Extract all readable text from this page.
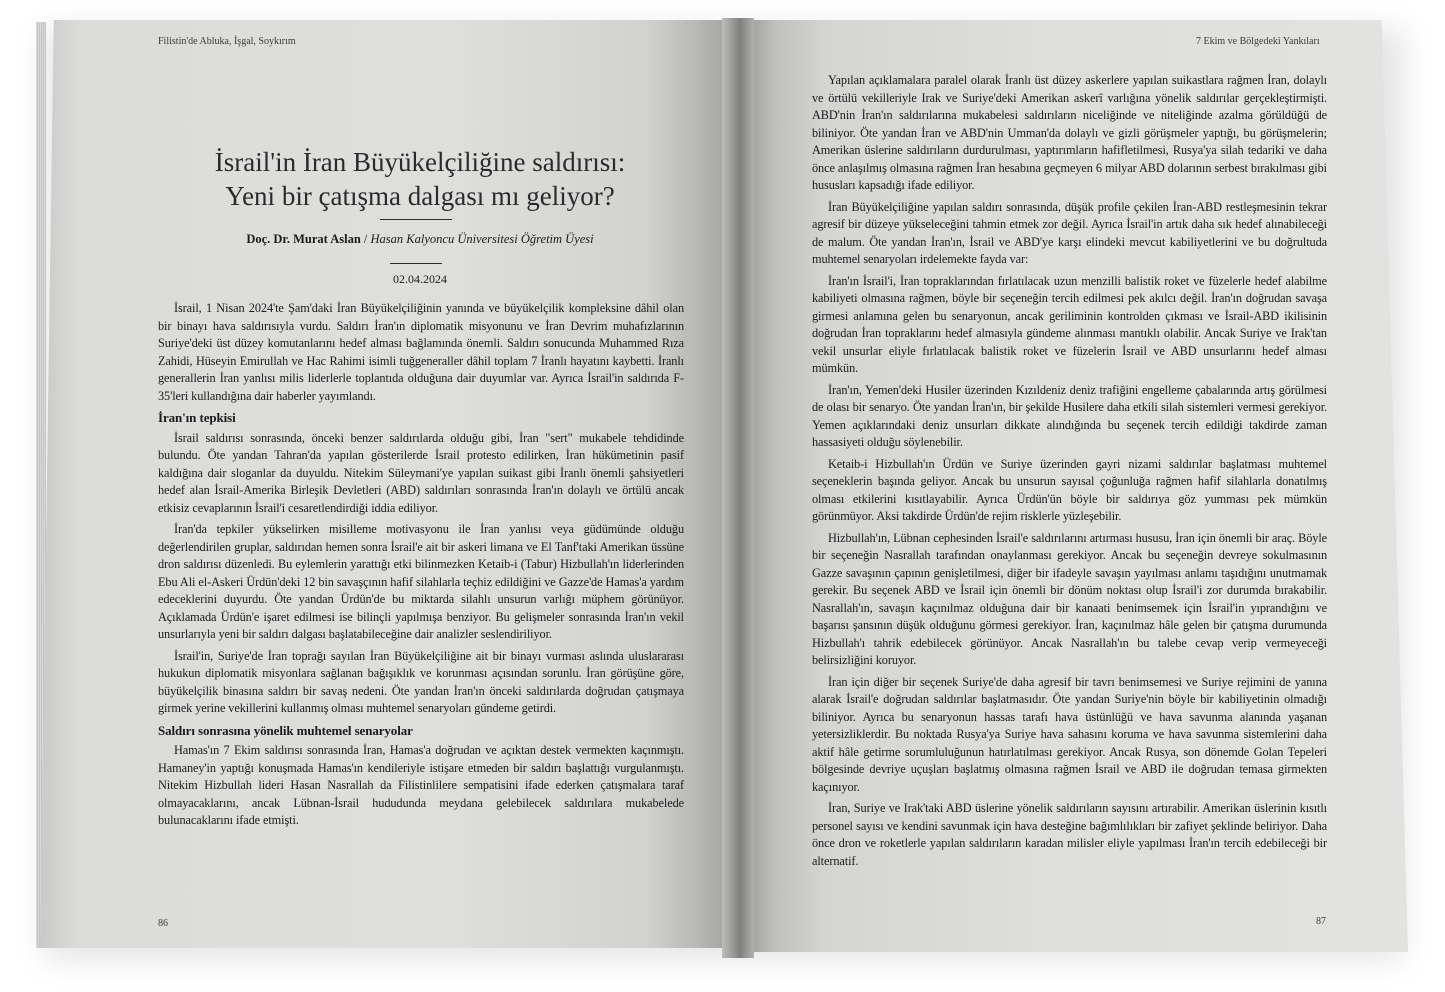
Filistin'de Abluka, İşgal, Soykırım
86
İsrail'in İran Büyükelçiliğine saldırısı:
Yeni bir çatışma dalgası mı geliyor?
Doç. Dr. Murat Aslan / Hasan Kalyoncu Üniversitesi Öğretim Üyesi
02.04.2024

İsrail, 1 Nisan 2024'te Şam'daki İran Büyükelçiliğinin yanında ve büyükelçilik kompleksine dâhil olan bir binayı hava saldırısıyla vurdu. Saldırı İran'ın diplomatik misyonunu ve İran Devrim muhafızlarının Suriye'deki üst düzey komutanlarını hedef alması bağlamında önemli. Saldırı sonucunda Muhammed Rıza Zahidi, Hüseyin Emirullah ve Hac Rahimi isimli tuğgeneraller dâhil toplam 7 İranlı hayatını kaybetti. İranlı generallerin İran yanlısı milis liderlerle toplantıda olduğuna dair duyumlar var. Ayrıca İsrail'in saldırıda F-35'leri kullandığına dair haberler yayımlandı.

İran'ın tepkisi

İsrail saldırısı sonrasında, önceki benzer saldırılarda olduğu gibi, İran "sert" mukabele tehdidinde bulundu. Öte yandan Tahran'da yapılan gösterilerde İsrail protesto edilirken, İran hükümetinin pasif kaldığına dair sloganlar da duyuldu. Nitekim Süleymani'ye yapılan suikast gibi İranlı önemli şahsiyetleri hedef alan İsrail-Amerika Birleşik Devletleri (ABD) saldırıları sonrasında İran'ın dolaylı ve örtülü ancak etkisiz cevaplarının İsrail'i cesaretlendirdiği iddia ediliyor.

İran'da tepkiler yükselirken misilleme motivasyonu ile İran yanlısı veya güdümünde olduğu değerlendirilen gruplar, saldırıdan hemen sonra İsrail'e ait bir askeri limana ve El Tanf'taki Amerikan üssüne dron saldırısı düzenledi. Bu eylemlerin yarattığı etki bilinmezken Ketaib-i (Tabur) Hizbullah'ın liderlerinden Ebu Ali el-Askeri Ürdün'deki 12 bin savaşçının hafif silahlarla teçhiz edildiğini ve Gazze'de Hamas'a yardım edeceklerini duyurdu. Öte yandan Ürdün'de bu miktarda silahlı unsurun varlığı müphem görünüyor. Açıklamada Ürdün'e işaret edilmesi ise bilinçli yapılmışa benziyor. Bu gelişmeler sonrasında İran'ın vekil unsurlarıyla yeni bir saldırı dalgası başlatabileceğine dair analizler seslendiriliyor.

İsrail'in, Suriye'de İran toprağı sayılan İran Büyükelçiliğine ait bir binayı vurması aslında uluslararası hukukun diplomatik misyonlara sağlanan bağışıklık ve korunması açısından sorunlu. İran görüşüne göre, büyükelçilik binasına saldırı bir savaş nedeni. Öte yandan İran'ın önceki saldırılarda doğrudan çatışmaya girmek yerine vekillerini kullanmış olması muhtemel senaryoları gündeme getirdi.

Saldırı sonrasına yönelik muhtemel senaryolar

Hamas'ın 7 Ekim saldırısı sonrasında İran, Hamas'a doğrudan ve açıktan destek vermekten kaçınmıştı. Hamaney'in yaptığı konuşmada Hamas'ın kendileriyle istişare etmeden bir saldırı başlattığı vurgulanmıştı. Nitekim Hizbullah lideri Hasan Nasrallah da Filistinlilere sempatisini ifade ederken çatışmalara taraf olmayacaklarını, ancak Lübnan-İsrail hududunda meydana gelebilecek saldırılara mukabelede bulunacaklarını ifade etmişti.

7 Ekim ve Bölgedeki Yankıları
87

Yapılan açıklamalara paralel olarak İranlı üst düzey askerlere yapılan suikastlara rağmen İran, dolaylı ve örtülü vekilleriyle Irak ve Suriye'deki Amerikan askerî varlığına yönelik saldırılar gerçekleştirmişti. ABD'nin İran'ın saldırılarına mukabelesi saldırıların niceliğinde ve niteliğinde azalma görüldüğü de biliniyor. Öte yandan İran ve ABD'nin Umman'da dolaylı ve gizli görüşmeler yaptığı, bu görüşmelerin; Amerikan üslerine saldırıların durdurulması, yaptırımların hafifletilmesi, Rusya'ya silah tedariki ve daha önce anlaşılmış olmasına rağmen İran hesabına geçmeyen 6 milyar ABD dolarının serbest bırakılması gibi hususları kapsadığı ifade ediliyor.

İran Büyükelçiliğine yapılan saldırı sonrasında, düşük profile çekilen İran-ABD restleşmesinin tekrar agresif bir düzeye yükseleceğini tahmin etmek zor değil. Ayrıca İsrail'in artık daha sık hedef alınabileceği de malum. Öte yandan İran'ın, İsrail ve ABD'ye karşı elindeki mevcut kabiliyetlerini ve bu doğrultuda muhtemel senaryoları irdelemekte fayda var:

İran'ın İsrail'i, İran topraklarından fırlatılacak uzun menzilli balistik roket ve füzelerle hedef alabilme kabiliyeti olmasına rağmen, böyle bir seçeneğin tercih edilmesi pek akılcı değil. İran'ın doğrudan savaşa girmesi anlamına gelen bu senaryonun, ancak geriliminin kontrolden çıkması ve İsrail-ABD ikilisinin doğrudan İran topraklarını hedef almasıyla gündeme alınması mantıklı olabilir. Ancak Suriye ve Irak'tan vekil unsurlar eliyle fırlatılacak balistik roket ve füzelerin İsrail ve ABD unsurlarını hedef alması mümkün.

İran'ın, Yemen'deki Husiler üzerinden Kızıldeniz deniz trafiğini engelleme çabalarında artış görülmesi de olası bir senaryo. Öte yandan İran'ın, bir şekilde Husilere daha etkili silah sistemleri vermesi gerekiyor. Yemen açıklarındaki deniz unsurları dikkate alındığında bu seçenek tercih edildiği takdirde zaman hassasiyeti olduğu söylenebilir.

Ketaib-i Hizbullah'ın Ürdün ve Suriye üzerinden gayri nizami saldırılar başlatması muhtemel seçeneklerin başında geliyor. Ancak bu unsurun sayısal çoğunluğa rağmen hafif silahlarla donatılmış olması etkilerini kısıtlayabilir. Ayrıca Ürdün'ün böyle bir saldırıya göz yumması pek mümkün görünmüyor. Aksi takdirde Ürdün'de rejim risklerle yüzleşebilir.

Hizbullah'ın, Lübnan cephesinden İsrail'e saldırılarını artırması hususu, İran için önemli bir araç. Böyle bir seçeneğin Nasrallah tarafından onaylanması gerekiyor. Ancak bu seçeneğin devreye sokulmasının Gazze savaşının çapının genişletilmesi, diğer bir ifadeyle savaşın yayılması anlamı taşıdığını unutmamak gerekir. Bu seçenek ABD ve İsrail için önemli bir dönüm noktası olup İsrail'i zor durumda bırakabilir. Nasrallah'ın, savaşın kaçınılmaz olduğuna dair bir kanaati benimsemek için İsrail'in yıprandığını ve başarısı şansının düşük olduğunu görmesi gerekiyor. İran, kaçınılmaz hâle gelen bir çatışma durumunda Hizbullah'ı tahrik edebilecek görünüyor. Ancak Nasrallah'ın bu talebe cevap verip vermeyeceği belirsizliğini koruyor.

İran için diğer bir seçenek Suriye'de daha agresif bir tavrı benimsemesi ve Suriye rejimini de yanına alarak İsrail'e doğrudan saldırılar başlatmasıdır. Öte yandan Suriye'nin böyle bir kabiliyetinin olmadığı biliniyor. Ayrıca bu senaryonun hassas tarafı hava üstünlüğü ve hava savunma alanında yaşanan yetersizliklerdir. Bu noktada Rusya'ya Suriye hava sahasını koruma ve hava savunma sistemlerini daha aktif hâle getirme sorumluluğunun hatırlatılması gerekiyor. Ancak Rusya, son dönemde Golan Tepeleri bölgesinde devriye uçuşları başlatmış olmasına rağmen İsrail ve ABD ile doğrudan temasa girmekten kaçınıyor.

İran, Suriye ve Irak'taki ABD üslerine yönelik saldırıların sayısını artırabilir. Amerikan üslerinin kısıtlı personel sayısı ve kendini savunmak için hava desteğine bağımlılıkları bir zafiyet şeklinde beliriyor. Daha önce dron ve roketlerle yapılan saldırıların karadan milisler eliyle yapılması İran'ın tercih edebileceği bir alternatif.
